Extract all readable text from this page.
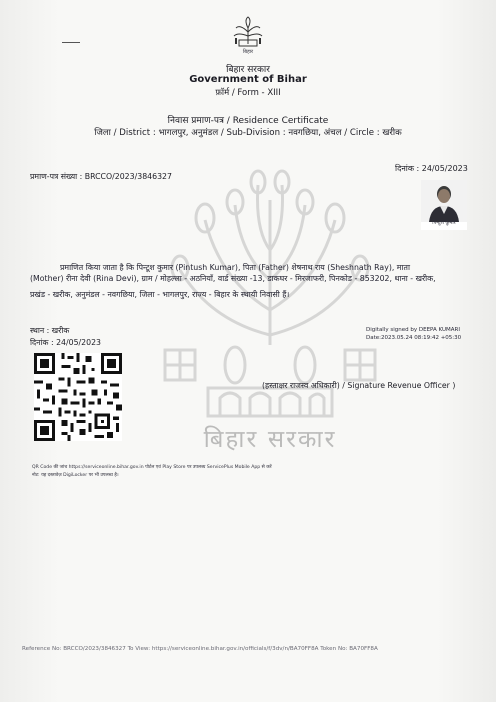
बिहार
बिहार सरकार
Government of Bihar
फ़ॉर्म / Form - XIII
निवास प्रमाण-पत्र / Residence Certificate
जिला / District : भागलपुर, अनुमंडल / Sub-Division : नवगछिया, अंचल / Circle : खरीक
बिहार सरकार
प्रमाण-पत्र संख्या : BRCCO/2023/3846327
दिनांक : 24/05/2023
पिन्टूश कुमार
प्रमाणित किया जाता है कि पिन्टूश कुमार (Pintush Kumar), पिता (Father) शेषनाथ राय (Sheshnath Ray), माता
(Mother) रीना देवी (Rina Devi), ग्राम / मोहल्ला - अठनियाँ, वार्ड संख्या -13, डाकघर - मिरजाफरी, पिनकोड - 853202, थाना - खरीक,
प्रखंड - खरीक, अनुमंडल - नवगछिया, जिला - भागलपुर, राज्य - बिहार के स्थायी निवासी हैं।
स्थान : खरीक
दिनांक : 24/05/2023
Digitally signed by DEEPA KUMARI
Date:2023.05.24 08:19:42 +05:30
(हस्ताक्षर राजस्व अधिकारी) / Signature Revenue Officer )
QR Code की जांच https://serviceonline.bihar.gov.in पोर्टल एवं Play Store पर उपलब्ध ServicePlus Mobile App से करें
नोट: यह दस्तावेज़ DigiLocker पर भी उपलब्ध है।
Reference No: BRCCO/2023/3846327 To View: https://serviceonline.bihar.gov.in/officials/f/3dv/n/BA70FF8A Token No: BA70FF8A
